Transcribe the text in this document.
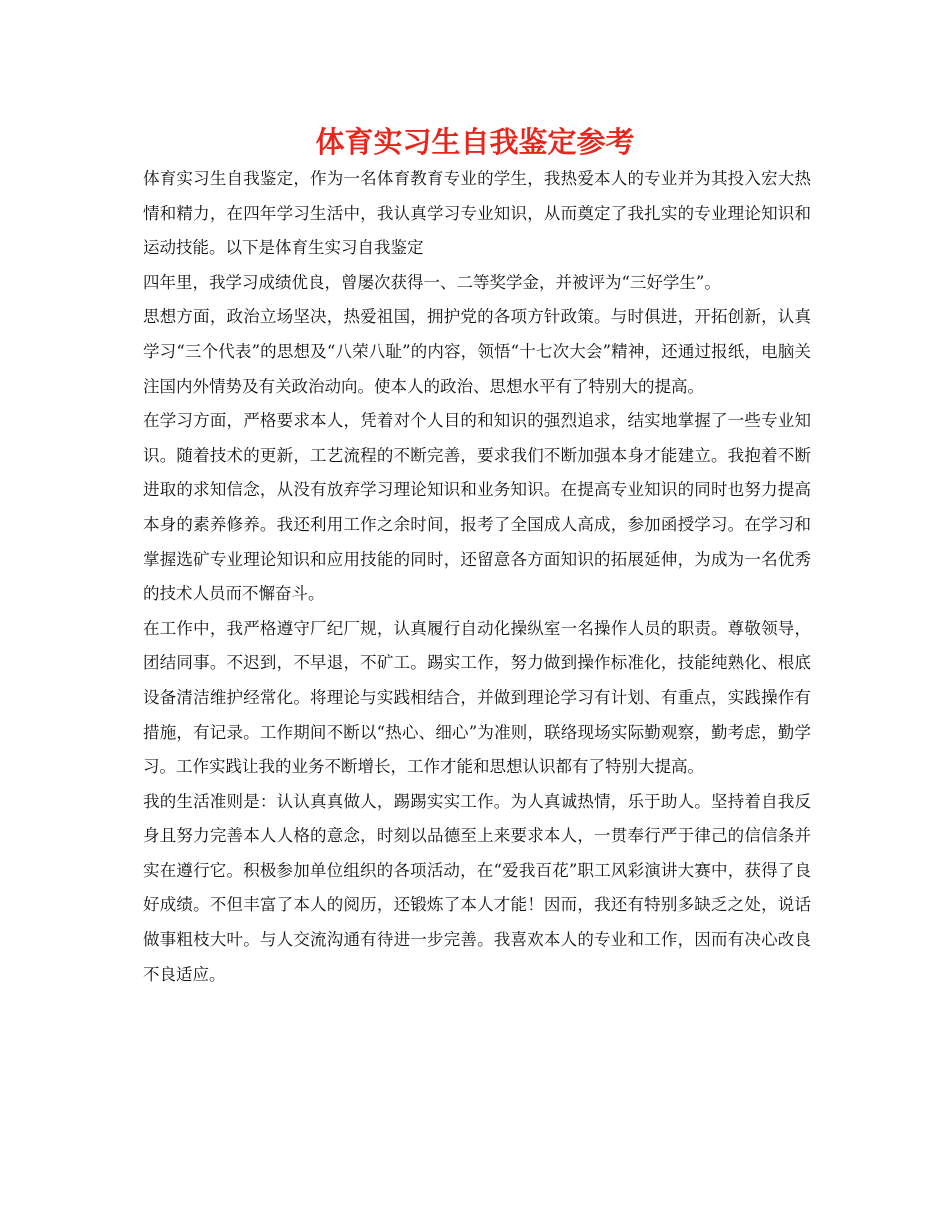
体育实习生自我鉴定参考

体育实习生自我鉴定，作为一名体育教育专业的学生，我热爱本人的专业并为其投入宏大热情和精力，在四年学习生活中，我认真学习专业知识，从而奠定了我扎实的专业理论知识和运动技能。以下是体育生实习自我鉴定

四年里，我学习成绩优良，曾屡次获得一、二等奖学金，并被评为“三好学生”。

思想方面，政治立场坚决，热爱祖国，拥护党的各项方针政策。与时俱进，开拓创新，认真学习“三个代表”的思想及“八荣八耻”的内容，领悟“十七次大会”精神，还通过报纸，电脑关注国内外情势及有关政治动向。使本人的政治、思想水平有了特别大的提高。

在学习方面，严格要求本人，凭着对个人目的和知识的强烈追求，结实地掌握了一些专业知识。随着技术的更新，工艺流程的不断完善，要求我们不断加强本身才能建立。我抱着不断进取的求知信念，从没有放弃学习理论知识和业务知识。在提高专业知识的同时也努力提高本身的素养修养。我还利用工作之余时间，报考了全国成人高成，参加函授学习。在学习和掌握选矿专业理论知识和应用技能的同时，还留意各方面知识的拓展延伸，为成为一名优秀的技术人员而不懈奋斗。

在工作中，我严格遵守厂纪厂规，认真履行自动化操纵室一名操作人员的职责。尊敬领导，团结同事。不迟到，不早退，不矿工。踢实工作，努力做到操作标准化，技能纯熟化、根底设备清洁维护经常化。将理论与实践相结合，并做到理论学习有计划、有重点，实践操作有措施，有记录。工作期间不断以“热心、细心”为准则，联络现场实际勤观察，勤考虑，勤学习。工作实践让我的业务不断增长，工作才能和思想认识都有了特别大提高。

我的生活准则是：认认真真做人，踢踢实实工作。为人真诚热情，乐于助人。坚持着自我反身且努力完善本人人格的意念，时刻以品德至上来要求本人，一贯奉行严于律己的信信条并实在遵行它。积极参加单位组织的各项活动，在“爱我百花”职工风彩演讲大赛中，获得了良好成绩。不但丰富了本人的阅历，还锻炼了本人才能！因而，我还有特别多缺乏之处，说话做事粗枝大叶。与人交流沟通有待进一步完善。我喜欢本人的专业和工作，因而有决心改良不良适应。
